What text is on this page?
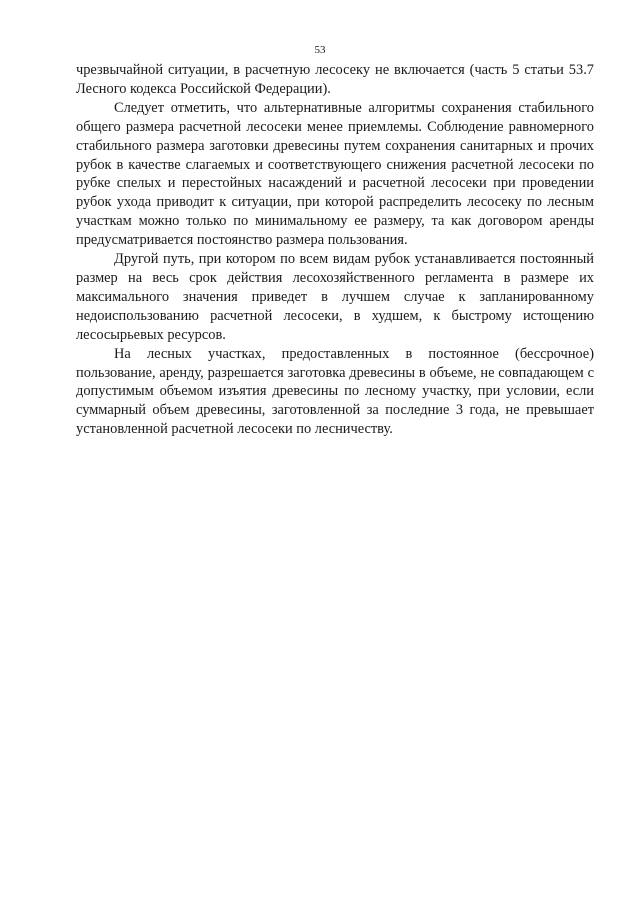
53

чрезвычайной ситуации, в расчетную лесосеку не включается (часть 5 статьи 53.7 Лесного кодекса Российской Федерации).

Следует отметить, что альтернативные алгоритмы сохранения стабильного общего размера расчетной лесосеки менее приемлемы. Соблюдение равномерного стабильного размера заготовки древесины путем сохранения санитарных и прочих рубок в качестве слагаемых и соответствующего снижения расчетной лесосеки по рубке спелых и перестойных насаждений и расчетной лесосеки при проведении рубок ухода приводит к ситуации, при которой распределить лесосеку по лесным участкам можно только по минимальному ее размеру, та как договором аренды предусматривается постоянство размера пользования.

Другой путь, при котором по всем видам рубок устанавливается постоянный размер на весь срок действия лесохозяйственного регламента в размере их максимального значения приведет в лучшем случае к запланированному недоиспользованию расчетной лесосеки, в худшем, к быстрому истощению лесосырьевых ресурсов.

На лесных участках, предоставленных в постоянное (бессрочное) пользование, аренду, разрешается заготовка древесины в объеме, не совпадающем с допустимым объемом изъятия древесины по лесному участку, при условии, если суммарный объем древесины, заготовленной за последние 3 года, не превышает установленной расчетной лесосеки по лесничеству.
